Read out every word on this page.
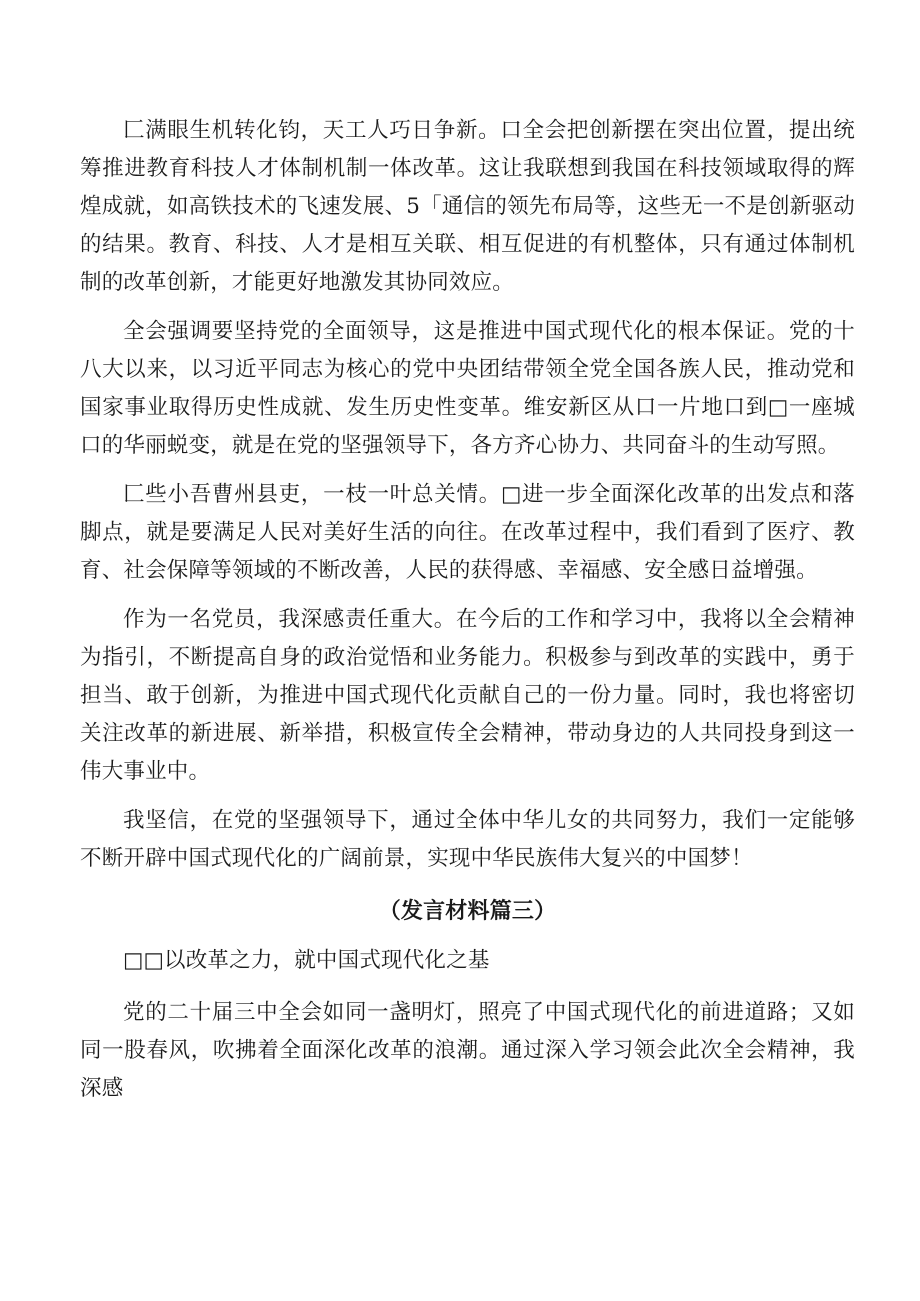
匚满眼生机转化钧，天工人巧日争新。口全会把创新摆在突出位置，提出统筹推进教育科技人才体制机制一体改革。这让我联想到我国在科技领域取得的辉煌成就，如高铁技术的飞速发展、5「通信的领先布局等，这些无一不是创新驱动的结果。教育、科技、人才是相互关联、相互促进的有机整体，只有通过体制机制的改革创新，才能更好地激发其协同效应。

全会强调要坚持党的全面领导，这是推进中国式现代化的根本保证。党的十八大以来，以习近平同志为核心的党中央团结带领全党全国各族人民，推动党和国家事业取得历史性成就、发生历史性变革。维安新区从口一片地口到□一座城口的华丽蜕变，就是在党的坚强领导下，各方齐心协力、共同奋斗的生动写照。

匚些小吾曹州县吏，一枝一叶总关情。□进一步全面深化改革的出发点和落脚点，就是要满足人民对美好生活的向往。在改革过程中，我们看到了医疗、教育、社会保障等领域的不断改善，人民的获得感、幸福感、安全感日益增强。

作为一名党员，我深感责任重大。在今后的工作和学习中，我将以全会精神为指引，不断提高自身的政治觉悟和业务能力。积极参与到改革的实践中，勇于担当、敢于创新，为推进中国式现代化贡献自己的一份力量。同时，我也将密切关注改革的新进展、新举措，积极宣传全会精神，带动身边的人共同投身到这一伟大事业中。

我坚信，在党的坚强领导下，通过全体中华儿女的共同努力，我们一定能够不断开辟中国式现代化的广阔前景，实现中华民族伟大复兴的中国梦！

（发言材料篇三）

□□以改革之力，就中国式现代化之基

党的二十届三中全会如同一盏明灯，照亮了中国式现代化的前进道路；又如同一股春风，吹拂着全面深化改革的浪潮。通过深入学习领会此次全会精神，我深感
